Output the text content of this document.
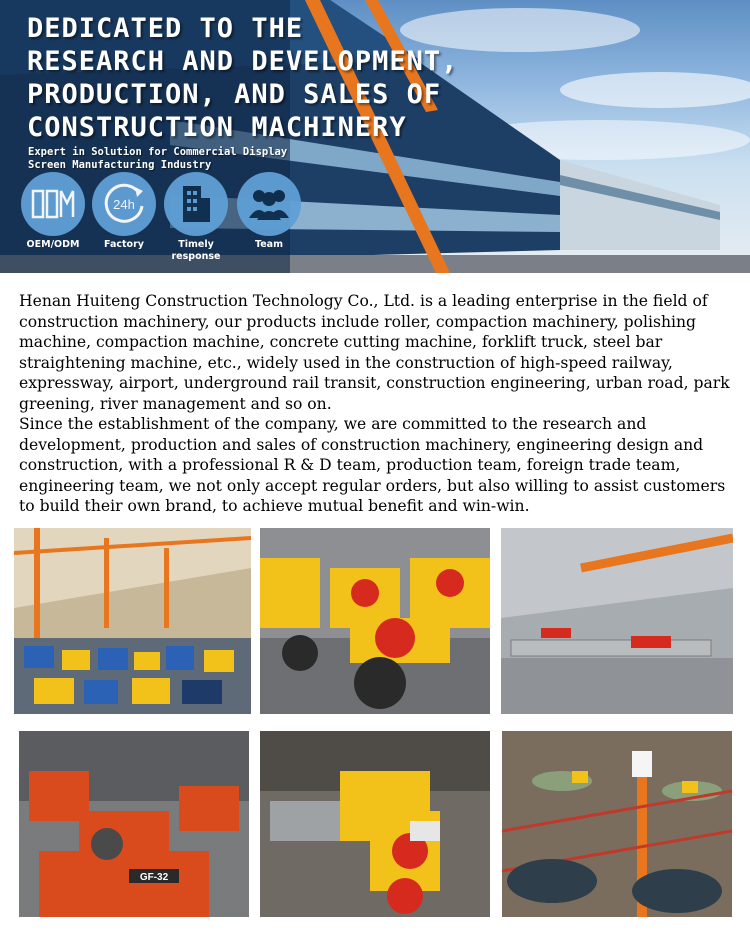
DEDICATED TO THE
RESEARCH AND DEVELOPMENT,
PRODUCTION, AND SALES OF
CONSTRUCTION MACHINERY
Expert in Solution for Commercial Display
Screen Manufacturing Industry
OEM/ODM
24h
Factory	Timely response
Team

Henan Huiteng Construction Technology Co., Ltd. is a leading enterprise in the field of construction machinery, our products include roller, compaction machinery, polishing machine, compaction machine, concrete cutting machine, forklift truck, steel bar straightening machine, etc., widely used in the construction of high-speed railway, expressway, airport, underground rail transit, construction engineering, urban road, park greening, river management and so on.

Since the establishment of the company, we are committed to the research and development, production and sales of construction machinery, engineering design and construction, with a professional R & D team, production team, foreign trade team, engineering team, we not only accept regular orders, but also willing to assist customers to build their own brand, to achieve mutual benefit and win-win.

GF-32
